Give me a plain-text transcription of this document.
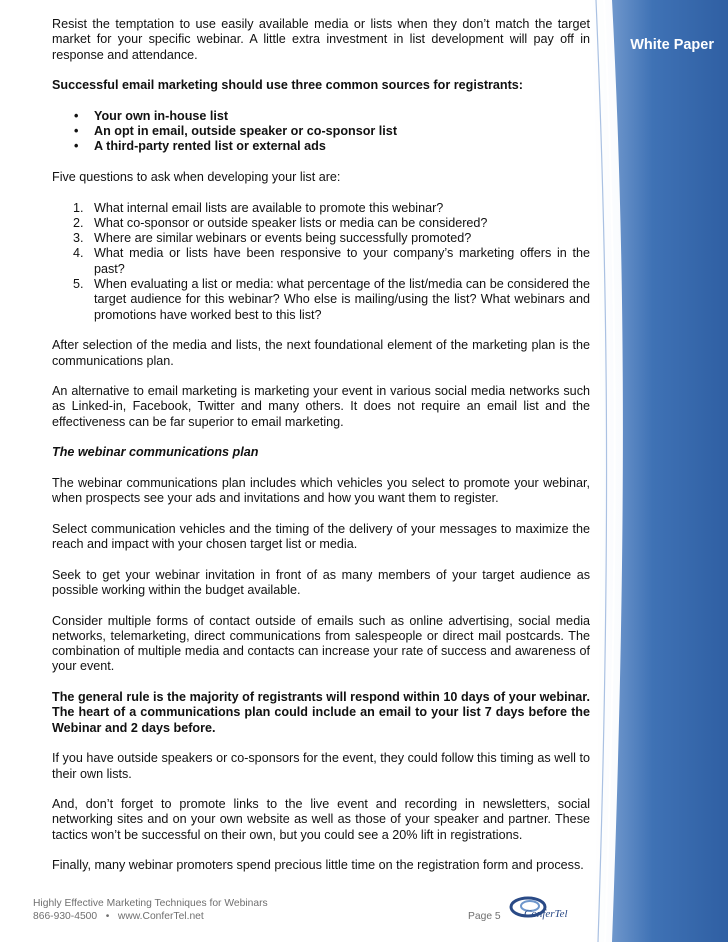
White Paper

Resist the temptation to use easily available media or lists when they don’t match the target market for your specific webinar. A little extra investment in list development will pay off in response and attendance.

Successful email marketing should use three common sources for registrants:

• Your own in-house list
• An opt in email, outside speaker or co-sponsor list
• A third-party rented list or external ads

Five questions to ask when developing your list are:

1. What internal email lists are available to promote this webinar?
2. What co-sponsor or outside speaker lists or media can be considered?
3. Where are similar webinars or events being successfully promoted?
4. What media or lists have been responsive to your company’s marketing offers in the past?
5. When evaluating a list or media: what percentage of the list/media can be considered the target audience for this webinar? Who else is mailing/using the list? What webinars and promotions have worked best to this list?

After selection of the media and lists, the next foundational element of the marketing plan is the communications plan.

An alternative to email marketing is marketing your event in various social media networks such as Linked-in, Facebook, Twitter and many others. It does not require an email list and the effectiveness can be far superior to email marketing.

The webinar communications plan

The webinar communications plan includes which vehicles you select to promote your webinar, when prospects see your ads and invitations and how you want them to register.

Select communication vehicles and the timing of the delivery of your messages to maximize the reach and impact with your chosen target list or media.

Seek to get your webinar invitation in front of as many members of your target audience as possible working within the budget available.

Consider multiple forms of contact outside of emails such as online advertising, social media networks, telemarketing, direct communications from salespeople or direct mail postcards. The combination of multiple media and contacts can increase your rate of success and awareness of your event.

The general rule is the majority of registrants will respond within 10 days of your webinar. The heart of a communications plan could include an email to your list 7 days before the Webinar and 2 days before.

If you have outside speakers or co-sponsors for the event, they could follow this timing as well to their own lists.

And, don’t forget to promote links to the live event and recording in newsletters, social networking sites and on your own website as well as those of your speaker and partner. These tactics won’t be successful on their own, but you could see a 20% lift in registrations.

Finally, many webinar promoters spend precious little time on the registration form and process.

Highly Effective Marketing Techniques for Webinars
866-930-4500 • www.ConferTel.net	Page 5 ConferTel
